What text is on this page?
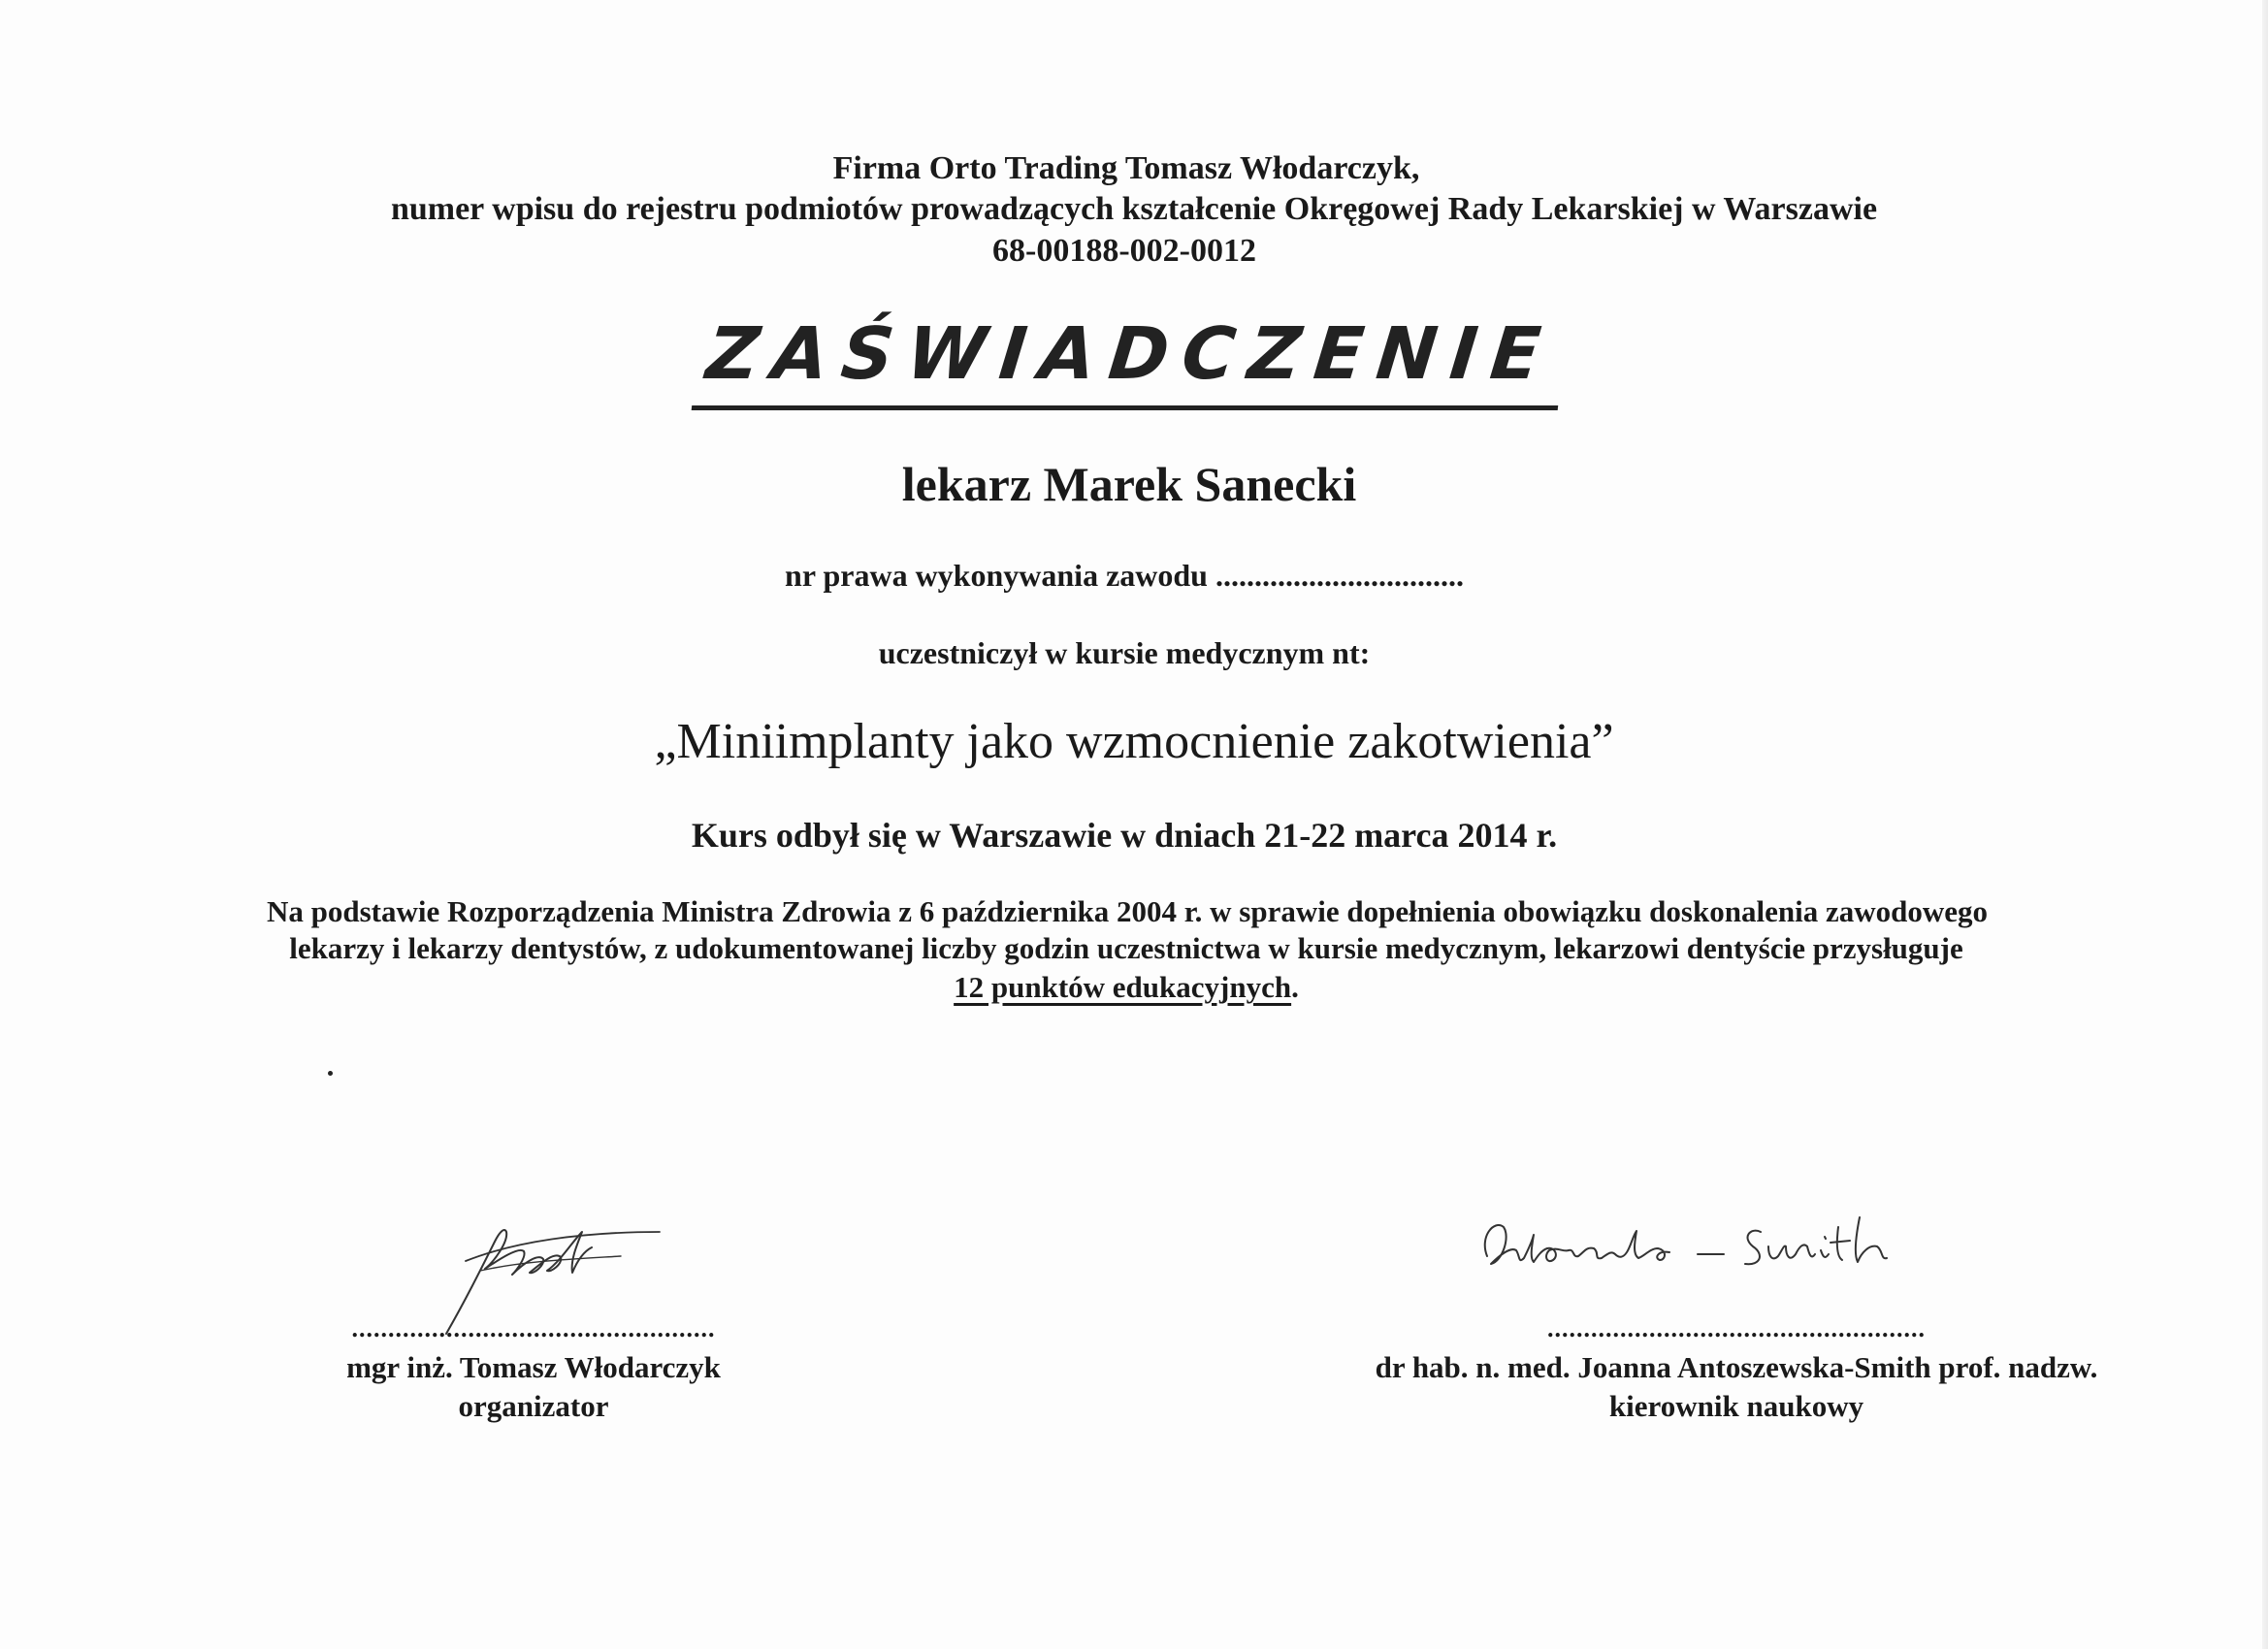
Firma Orto Trading Tomasz Włodarczyk,
numer wpisu do rejestru podmiotów prowadzących kształcenie Okręgowej Rady Lekarskiej w Warszawie
68-00188-002-0012
ZAŚWIADCZENIE
lekarz Marek Sanecki
nr prawa wykonywania zawodu ................................
uczestniczył w kursie medycznym nt:
„Miniimplanty jako wzmocnienie zakotwienia”
Kurs odbył się w Warszawie w dniach 21-22 marca 2014 r.
Na podstawie Rozporządzenia Ministra Zdrowia z 6 października 2004 r. w sprawie dopełnienia obowiązku doskonalenia zawodowego
lekarzy i lekarzy dentystów, z udokumentowanej liczby godzin uczestnictwa w kursie medycznym, lekarzowi dentyście przysługuje
12 punktów edukacyjnych.
..................................................
mgr inż. Tomasz Włodarczyk
organizator
....................................................
dr hab. n. med. Joanna Antoszewska-Smith prof. nadzw.
kierownik naukowy
